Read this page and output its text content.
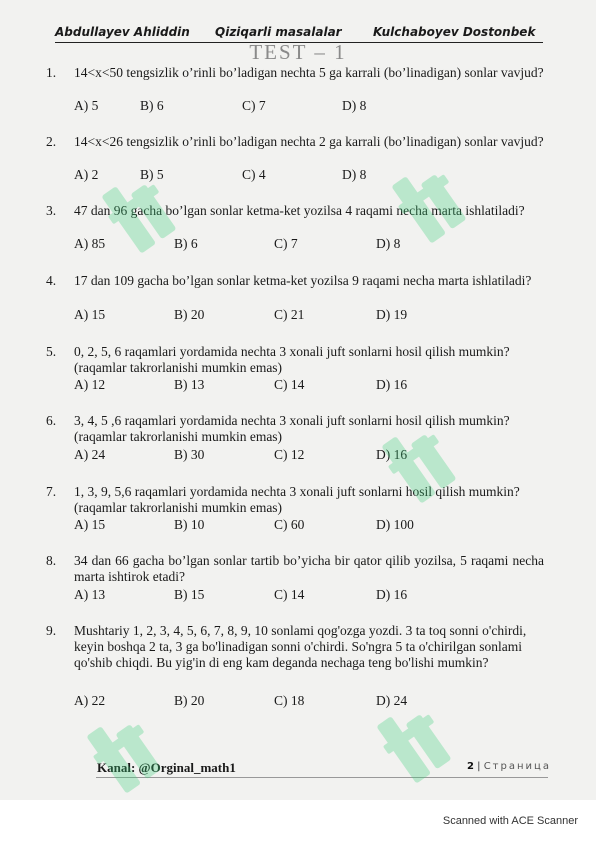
Abdullayev Ahliddin Qiziqarli masalalar	Kulchaboyev Dostonbek
TEST – 1
1. 14<x<50 tengsizlik o’rinli bo’ladigan nechta 5 ga karrali (bo’linadigan) sonlar vavjud?
A) 5	B) 6	C) 7	D) 8
2. 14<x<26 tengsizlik o’rinli bo’ladigan nechta 2 ga karrali (bo’linadigan) sonlar vavjud?
A) 2	B) 5	C) 4	D) 8
3. 47 dan 96 gacha bo’lgan sonlar ketma-ket yozilsa 4 raqami necha marta ishlatiladi?
A) 85	B) 6	C) 7	D) 8
4. 17 dan 109 gacha bo’lgan sonlar ketma-ket yozilsa 9 raqami necha marta ishlatiladi?
A) 15	B) 20	C) 21	D) 19
5. 0, 2, 5, 6 raqamlari yordamida nechta 3 xonali juft sonlarni hosil qilish mumkin?(raqamlar takrorlanishi mumkin emas)
A) 12	B) 13	C) 14	D) 16
6. 3, 4, 5 ,6 raqamlari yordamida nechta 3 xonali juft sonlarni hosil qilish mumkin?(raqamlar takrorlanishi mumkin emas)
A) 24	B) 30	C) 12	D) 16
7. 1, 3, 9, 5,6 raqamlari yordamida nechta 3 xonali juft sonlarni hosil qilish mumkin?(raqamlar takrorlanishi mumkin emas)
A) 15	B) 10	C) 60	D) 100
8. 34 dan 66 gacha bo’lgan sonlar tartib bo’yicha bir qator qilib yozilsa, 5 raqami necha marta ishtirok etadi?
A) 13	B) 15	C) 14	D) 16
9. Mushtariy 1, 2, 3, 4, 5, 6, 7, 8, 9, 10 sonlami qog'ozga yozdi. 3 ta toq sonni o'chirdi, keyin boshqa 2 ta, 3 ga bo'linadigan sonni o'chirdi. So'ngra 5 ta o'chirilgan sonlami qo'shib chiqdi. Bu yig'in di eng kam deganda nechaga teng bo'lishi mumkin?
A) 22	B) 20	C) 18	D) 24
Kanal: @Orginal_math1	2 | Страница
Scanned with ACE Scanner
